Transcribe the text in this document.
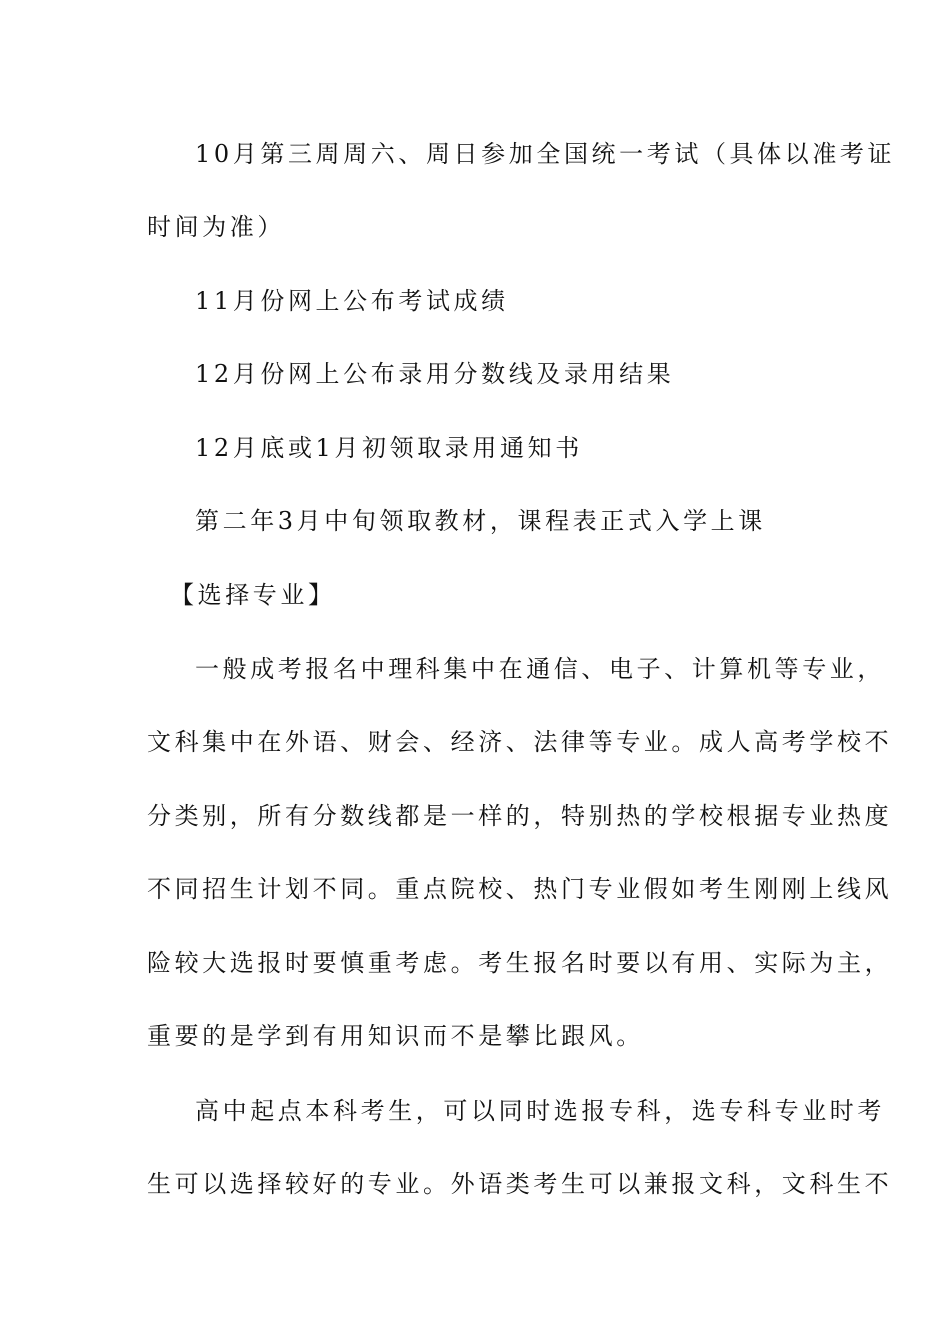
10月第三周周六、周日参加全国统一考试（具体以准考证
时间为准）
11月份网上公布考试成绩
12月份网上公布录用分数线及录用结果
12月底或1月初领取录用通知书
第二年3月中旬领取教材，课程表正式入学上课
【选择专业】
一般成考报名中理科集中在通信、电子、计算机等专业，
文科集中在外语、财会、经济、法律等专业。成人高考学校不
分类别，所有分数线都是一样的，特别热的学校根据专业热度
不同招生计划不同。重点院校、热门专业假如考生刚刚上线风
险较大选报时要慎重考虑。考生报名时要以有用、实际为主，
重要的是学到有用知识而不是攀比跟风。
高中起点本科考生，可以同时选报专科，选专科专业时考
生可以选择较好的专业。外语类考生可以兼报文科，文科生不
